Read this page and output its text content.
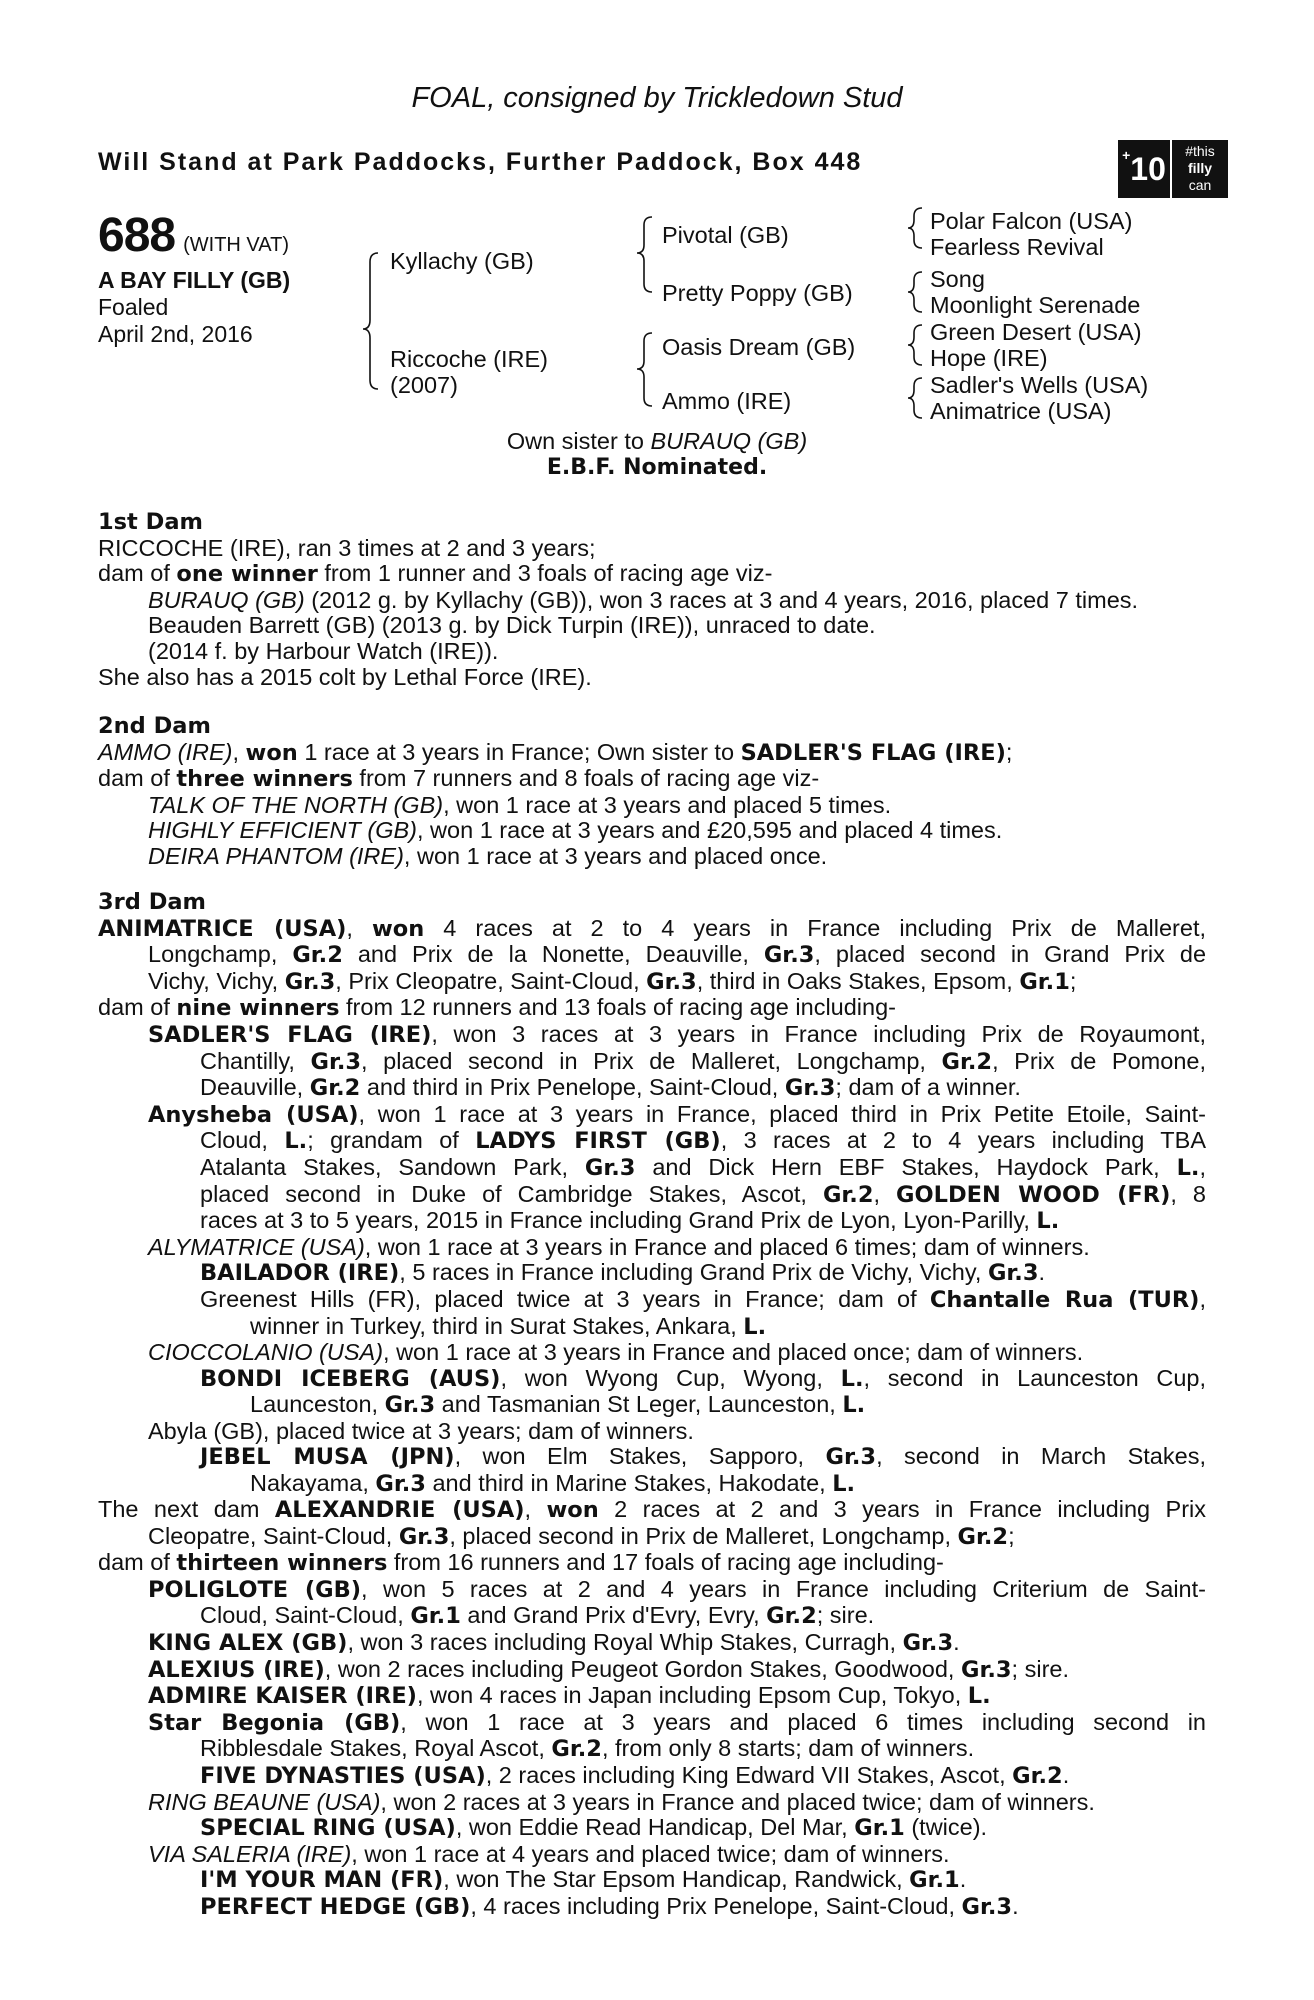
FOAL, consigned by Trickledown Stud
Will Stand at Park Paddocks, Further Paddock, Box 448	+10	#this
filly
can
688 (WITH VAT)
A BAY FILLY (GB)
Foaled
April 2nd, 2016
Kyllachy (GB)
Riccoche (IRE)
(2007)
Pivotal (GB)
Pretty Poppy (GB)
Oasis Dream (GB)
Ammo (IRE)
Polar Falcon (USA)
Fearless Revival
Song
Moonlight Serenade
Green Desert (USA)
Hope (IRE)
Sadler's Wells (USA)
Animatrice (USA)
Own sister to BURAUQ (GB)
E.B.F. Nominated.
1st Dam
RICCOCHE (IRE), ran 3 times at 2 and 3 years;
dam of one winner from 1 runner and 3 foals of racing age viz-
BURAUQ (GB) (2012 g. by Kyllachy (GB)), won 3 races at 3 and 4 years, 2016, placed 7 times.
Beauden Barrett (GB) (2013 g. by Dick Turpin (IRE)), unraced to date.
(2014 f. by Harbour Watch (IRE)).
She also has a 2015 colt by Lethal Force (IRE).
2nd Dam
AMMO (IRE), won 1 race at 3 years in France; Own sister to SADLER'S FLAG (IRE);
dam of three winners from 7 runners and 8 foals of racing age viz-
TALK OF THE NORTH (GB), won 1 race at 3 years and placed 5 times.
HIGHLY EFFICIENT (GB), won 1 race at 3 years and £20,595 and placed 4 times.
DEIRA PHANTOM (IRE), won 1 race at 3 years and placed once.
3rd Dam
ANIMATRICE (USA), won 4 races at 2 to 4 years in France including Prix de Malleret,
Longchamp, Gr.2 and Prix de la Nonette, Deauville, Gr.3, placed second in Grand Prix de
Vichy, Vichy, Gr.3, Prix Cleopatre, Saint-Cloud, Gr.3, third in Oaks Stakes, Epsom, Gr.1;
dam of nine winners from 12 runners and 13 foals of racing age including-
SADLER'S FLAG (IRE), won 3 races at 3 years in France including Prix de Royaumont,
Chantilly, Gr.3, placed second in Prix de Malleret, Longchamp, Gr.2, Prix de Pomone,
Deauville, Gr.2 and third in Prix Penelope, Saint-Cloud, Gr.3; dam of a winner.
Anysheba (USA), won 1 race at 3 years in France, placed third in Prix Petite Etoile, Saint-
Cloud, L.; grandam of LADYS FIRST (GB), 3 races at 2 to 4 years including TBA
Atalanta Stakes, Sandown Park, Gr.3 and Dick Hern EBF Stakes, Haydock Park, L.,
placed second in Duke of Cambridge Stakes, Ascot, Gr.2, GOLDEN WOOD (FR), 8
races at 3 to 5 years, 2015 in France including Grand Prix de Lyon, Lyon-Parilly, L.
ALYMATRICE (USA), won 1 race at 3 years in France and placed 6 times; dam of winners.
BAILADOR (IRE), 5 races in France including Grand Prix de Vichy, Vichy, Gr.3.
Greenest Hills (FR), placed twice at 3 years in France; dam of Chantalle Rua (TUR),
winner in Turkey, third in Surat Stakes, Ankara, L.
CIOCCOLANIO (USA), won 1 race at 3 years in France and placed once; dam of winners.
BONDI ICEBERG (AUS), won Wyong Cup, Wyong, L., second in Launceston Cup,
Launceston, Gr.3 and Tasmanian St Leger, Launceston, L.
Abyla (GB), placed twice at 3 years; dam of winners.
JEBEL MUSA (JPN), won Elm Stakes, Sapporo, Gr.3, second in March Stakes,
Nakayama, Gr.3 and third in Marine Stakes, Hakodate, L.
The next dam ALEXANDRIE (USA), won 2 races at 2 and 3 years in France including Prix
Cleopatre, Saint-Cloud, Gr.3, placed second in Prix de Malleret, Longchamp, Gr.2;
dam of thirteen winners from 16 runners and 17 foals of racing age including-
POLIGLOTE (GB), won 5 races at 2 and 4 years in France including Criterium de Saint-
Cloud, Saint-Cloud, Gr.1 and Grand Prix d'Evry, Evry, Gr.2; sire.
KING ALEX (GB), won 3 races including Royal Whip Stakes, Curragh, Gr.3.
ALEXIUS (IRE), won 2 races including Peugeot Gordon Stakes, Goodwood, Gr.3; sire.
ADMIRE KAISER (IRE), won 4 races in Japan including Epsom Cup, Tokyo, L.
Star Begonia (GB), won 1 race at 3 years and placed 6 times including second in
Ribblesdale Stakes, Royal Ascot, Gr.2, from only 8 starts; dam of winners.
FIVE DYNASTIES (USA), 2 races including King Edward VII Stakes, Ascot, Gr.2.
RING BEAUNE (USA), won 2 races at 3 years in France and placed twice; dam of winners.
SPECIAL RING (USA), won Eddie Read Handicap, Del Mar, Gr.1 (twice).
VIA SALERIA (IRE), won 1 race at 4 years and placed twice; dam of winners.
I'M YOUR MAN (FR), won The Star Epsom Handicap, Randwick, Gr.1.
PERFECT HEDGE (GB), 4 races including Prix Penelope, Saint-Cloud, Gr.3.
